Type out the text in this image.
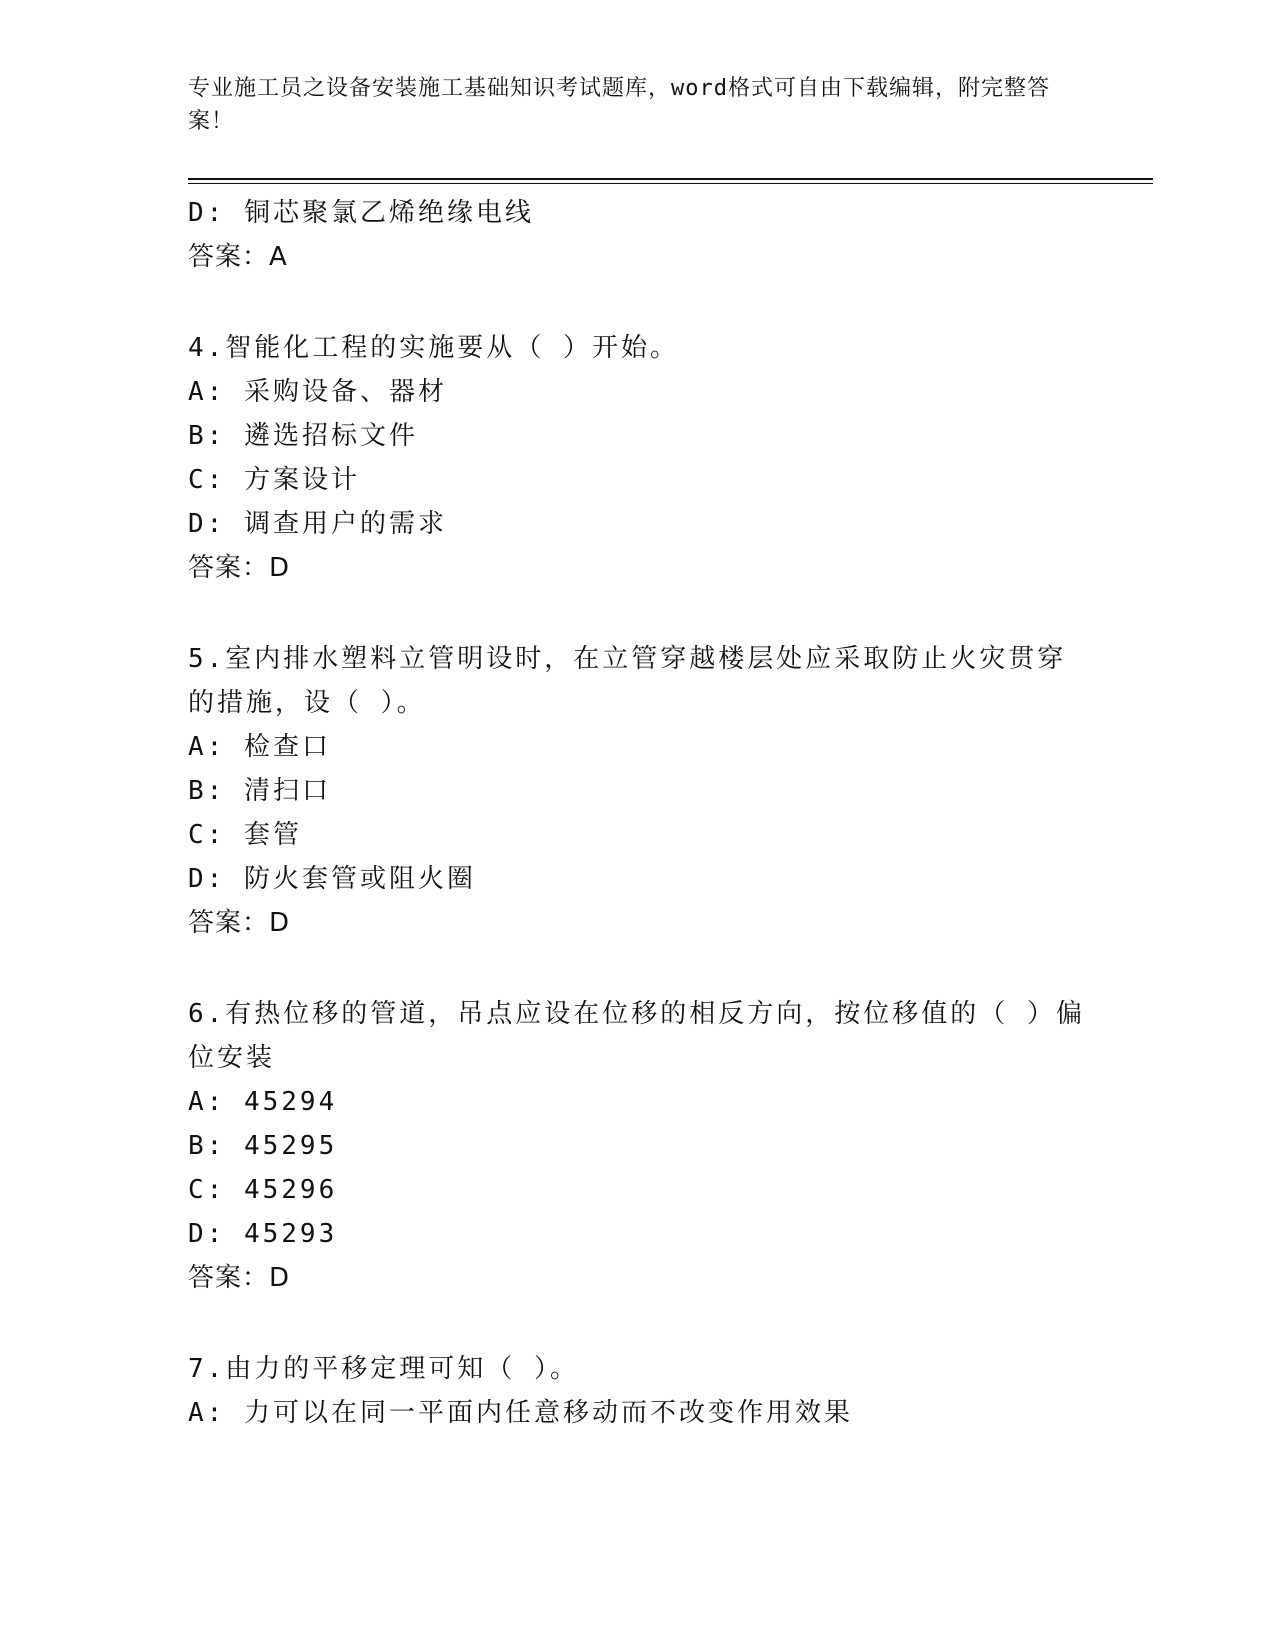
专业施工员之设备安装施工基础知识考试题库，word格式可自由下载编辑，附完整答案！
D: 铜芯聚氯乙烯绝缘电线
答案：A
4.智能化工程的实施要从（ ）开始。
A: 采购设备、器材
B: 遴选招标文件
C: 方案设计
D: 调查用户的需求
答案：D
5.室内排水塑料立管明设时，在立管穿越楼层处应采取防止火灾贯穿
的措施，设（ ）。
A: 检查口
B: 清扫口
C: 套管
D: 防火套管或阻火圈
答案：D
6.有热位移的管道，吊点应设在位移的相反方向，按位移值的（ ）偏
位安装
A: 45294
B: 45295
C: 45296
D: 45293
答案：D
7.由力的平移定理可知（ ）。
A: 力可以在同一平面内任意移动而不改变作用效果
